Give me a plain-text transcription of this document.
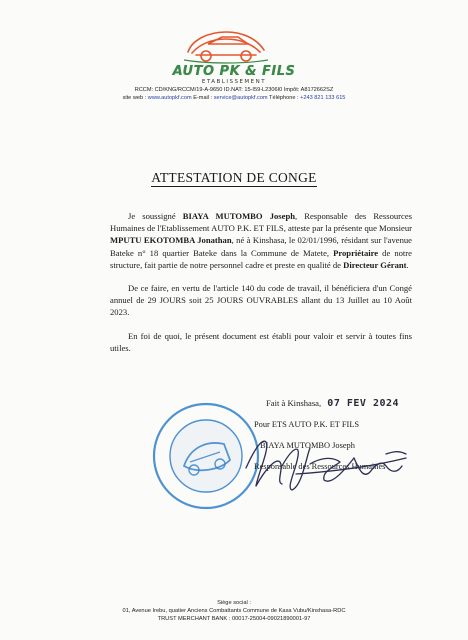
AUTO PK & FILS
ETABLISSEMENT
RCCM: CD/KNG/RCCM/19-A-9650 ID.NAT: 15-I59-L2306I0 Impôt: A8172662SZ
site web : www.autopkf.com E-mail : service@autopkf.com Téléphone : +243 821 133 615
ATTESTATION DE CONGE

Je soussigné BIAYA MUTOMBO Joseph, Responsable des Ressources Humaines de l'Etablissement AUTO P.K. ET FILS, atteste par la présente que Monsieur MPUTU EKOTOMBA Jonathan, né à Kinshasa, le 02/01/1996, résidant sur l'avenue Bateke n° 18 quartier Bateke dans la Commune de Matete, Propriétaire de notre structure, fait partie de notre personnel cadre et preste en qualité de Directeur Gérant.

De ce faire, en vertu de l'article 140 du code de travail, il bénéficiera d'un Congé annuel de 29 JOURS soit 25 JOURS OUVRABLES allant du 13 Juillet au 10 Août 2023.

En foi de quoi, le présent document est établi pour valoir et servir à toutes fins utiles.

Fait à Kinshasa, 07 FEV 2024
Pour ETS AUTO P.K. ET FILS
BIAYA MUTOMBO Joseph
Responsable des Ressources Humaines
Siège social :
01, Avenue Irebu, quatier Anciens Combattants Commune de Kasa Vubu/Kinshasa-RDC
TRUST MERCHANT BANK : 00017-25004-09021890001-97
